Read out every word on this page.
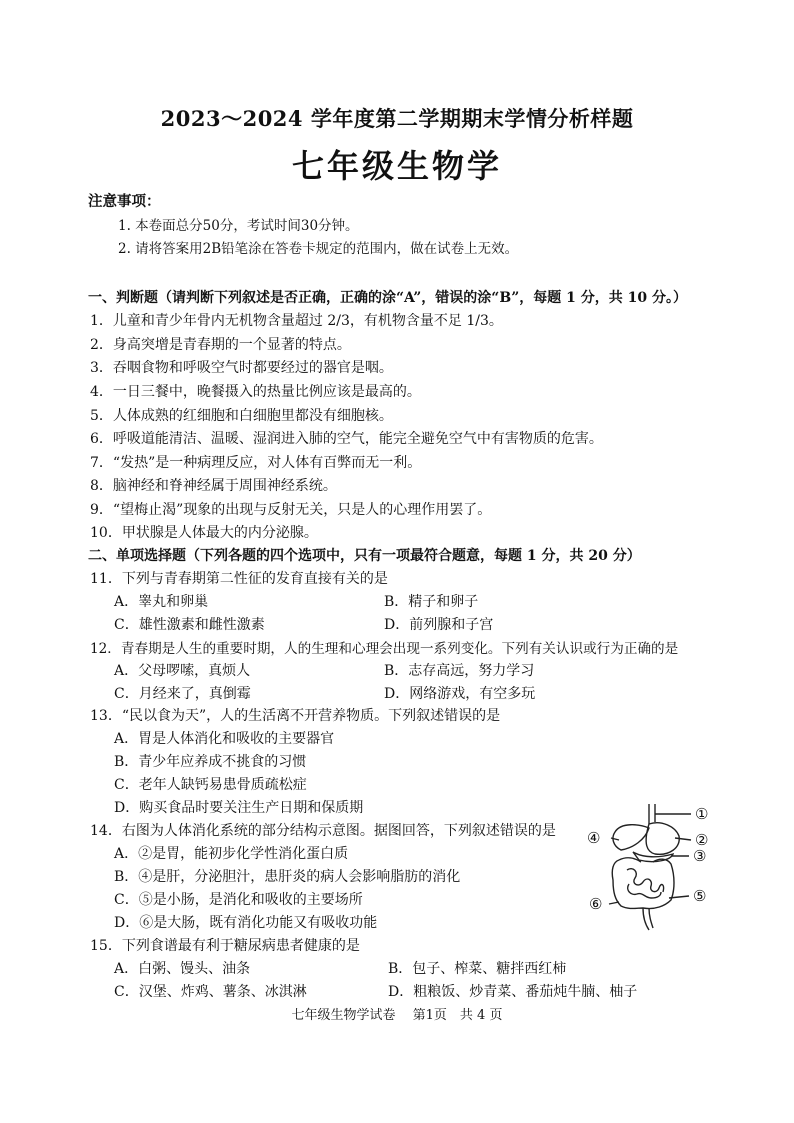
2023～2024 学年度第二学期期末学情分析样题
七年级生物学
注意事项：
1. 本卷面总分50分，考试时间30分钟。
2. 请将答案用2B铅笔涂在答卷卡规定的范围内，做在试卷上无效。
一、判断题（请判断下列叙述是否正确，正确的涂“A”，错误的涂“B”，每题 1 分，共 10 分。）
1．儿童和青少年骨内无机物含量超过 2/3，有机物含量不足 1/3。
2．身高突增是青春期的一个显著的特点。
3．吞咽食物和呼吸空气时都要经过的器官是咽。
4．一日三餐中，晚餐摄入的热量比例应该是最高的。
5．人体成熟的红细胞和白细胞里都没有细胞核。
6．呼吸道能清洁、温暖、湿润进入肺的空气，能完全避免空气中有害物质的危害。
7．“发热”是一种病理反应，对人体有百弊而无一利。
8．脑神经和脊神经属于周围神经系统。
9．“望梅止渴”现象的出现与反射无关，只是人的心理作用罢了。
10．甲状腺是人体最大的内分泌腺。
二、单项选择题（下列各题的四个选项中，只有一项最符合题意，每题 1 分，共 20 分）
11．下列与青春期第二性征的发育直接有关的是
A．睾丸和卵巢	B．精子和卵子
C．雄性激素和雌性激素	D．前列腺和子宫
12．青春期是人生的重要时期，人的生理和心理会出现一系列变化。下列有关认识或行为正确的是
A．父母啰嗦，真烦人	B．志存高远，努力学习
C．月经来了，真倒霉	D．网络游戏，有空多玩
13．“民以食为天”，人的生活离不开营养物质。下列叙述错误的是
A．胃是人体消化和吸收的主要器官
B．青少年应养成不挑食的习惯
C．老年人缺钙易患骨质疏松症
D．购买食品时要关注生产日期和保质期
14．右图为人体消化系统的部分结构示意图。据图回答，下列叙述错误的是
A．②是胃，能初步化学性消化蛋白质
B．④是肝，分泌胆汁，患肝炎的病人会影响脂肪的消化
C．⑤是小肠，是消化和吸收的主要场所
D．⑥是大肠，既有消化功能又有吸收功能
①
②
③
④
⑤
⑥
15．下列食谱最有利于糖尿病患者健康的是
A．白粥、馒头、油条	B．包子、榨菜、糖拌西红柿
C．汉堡、炸鸡、薯条、冰淇淋	D．粗粮饭、炒青菜、番茄炖牛腩、柚子
七年级生物学试卷　 第1页　共 4 页
